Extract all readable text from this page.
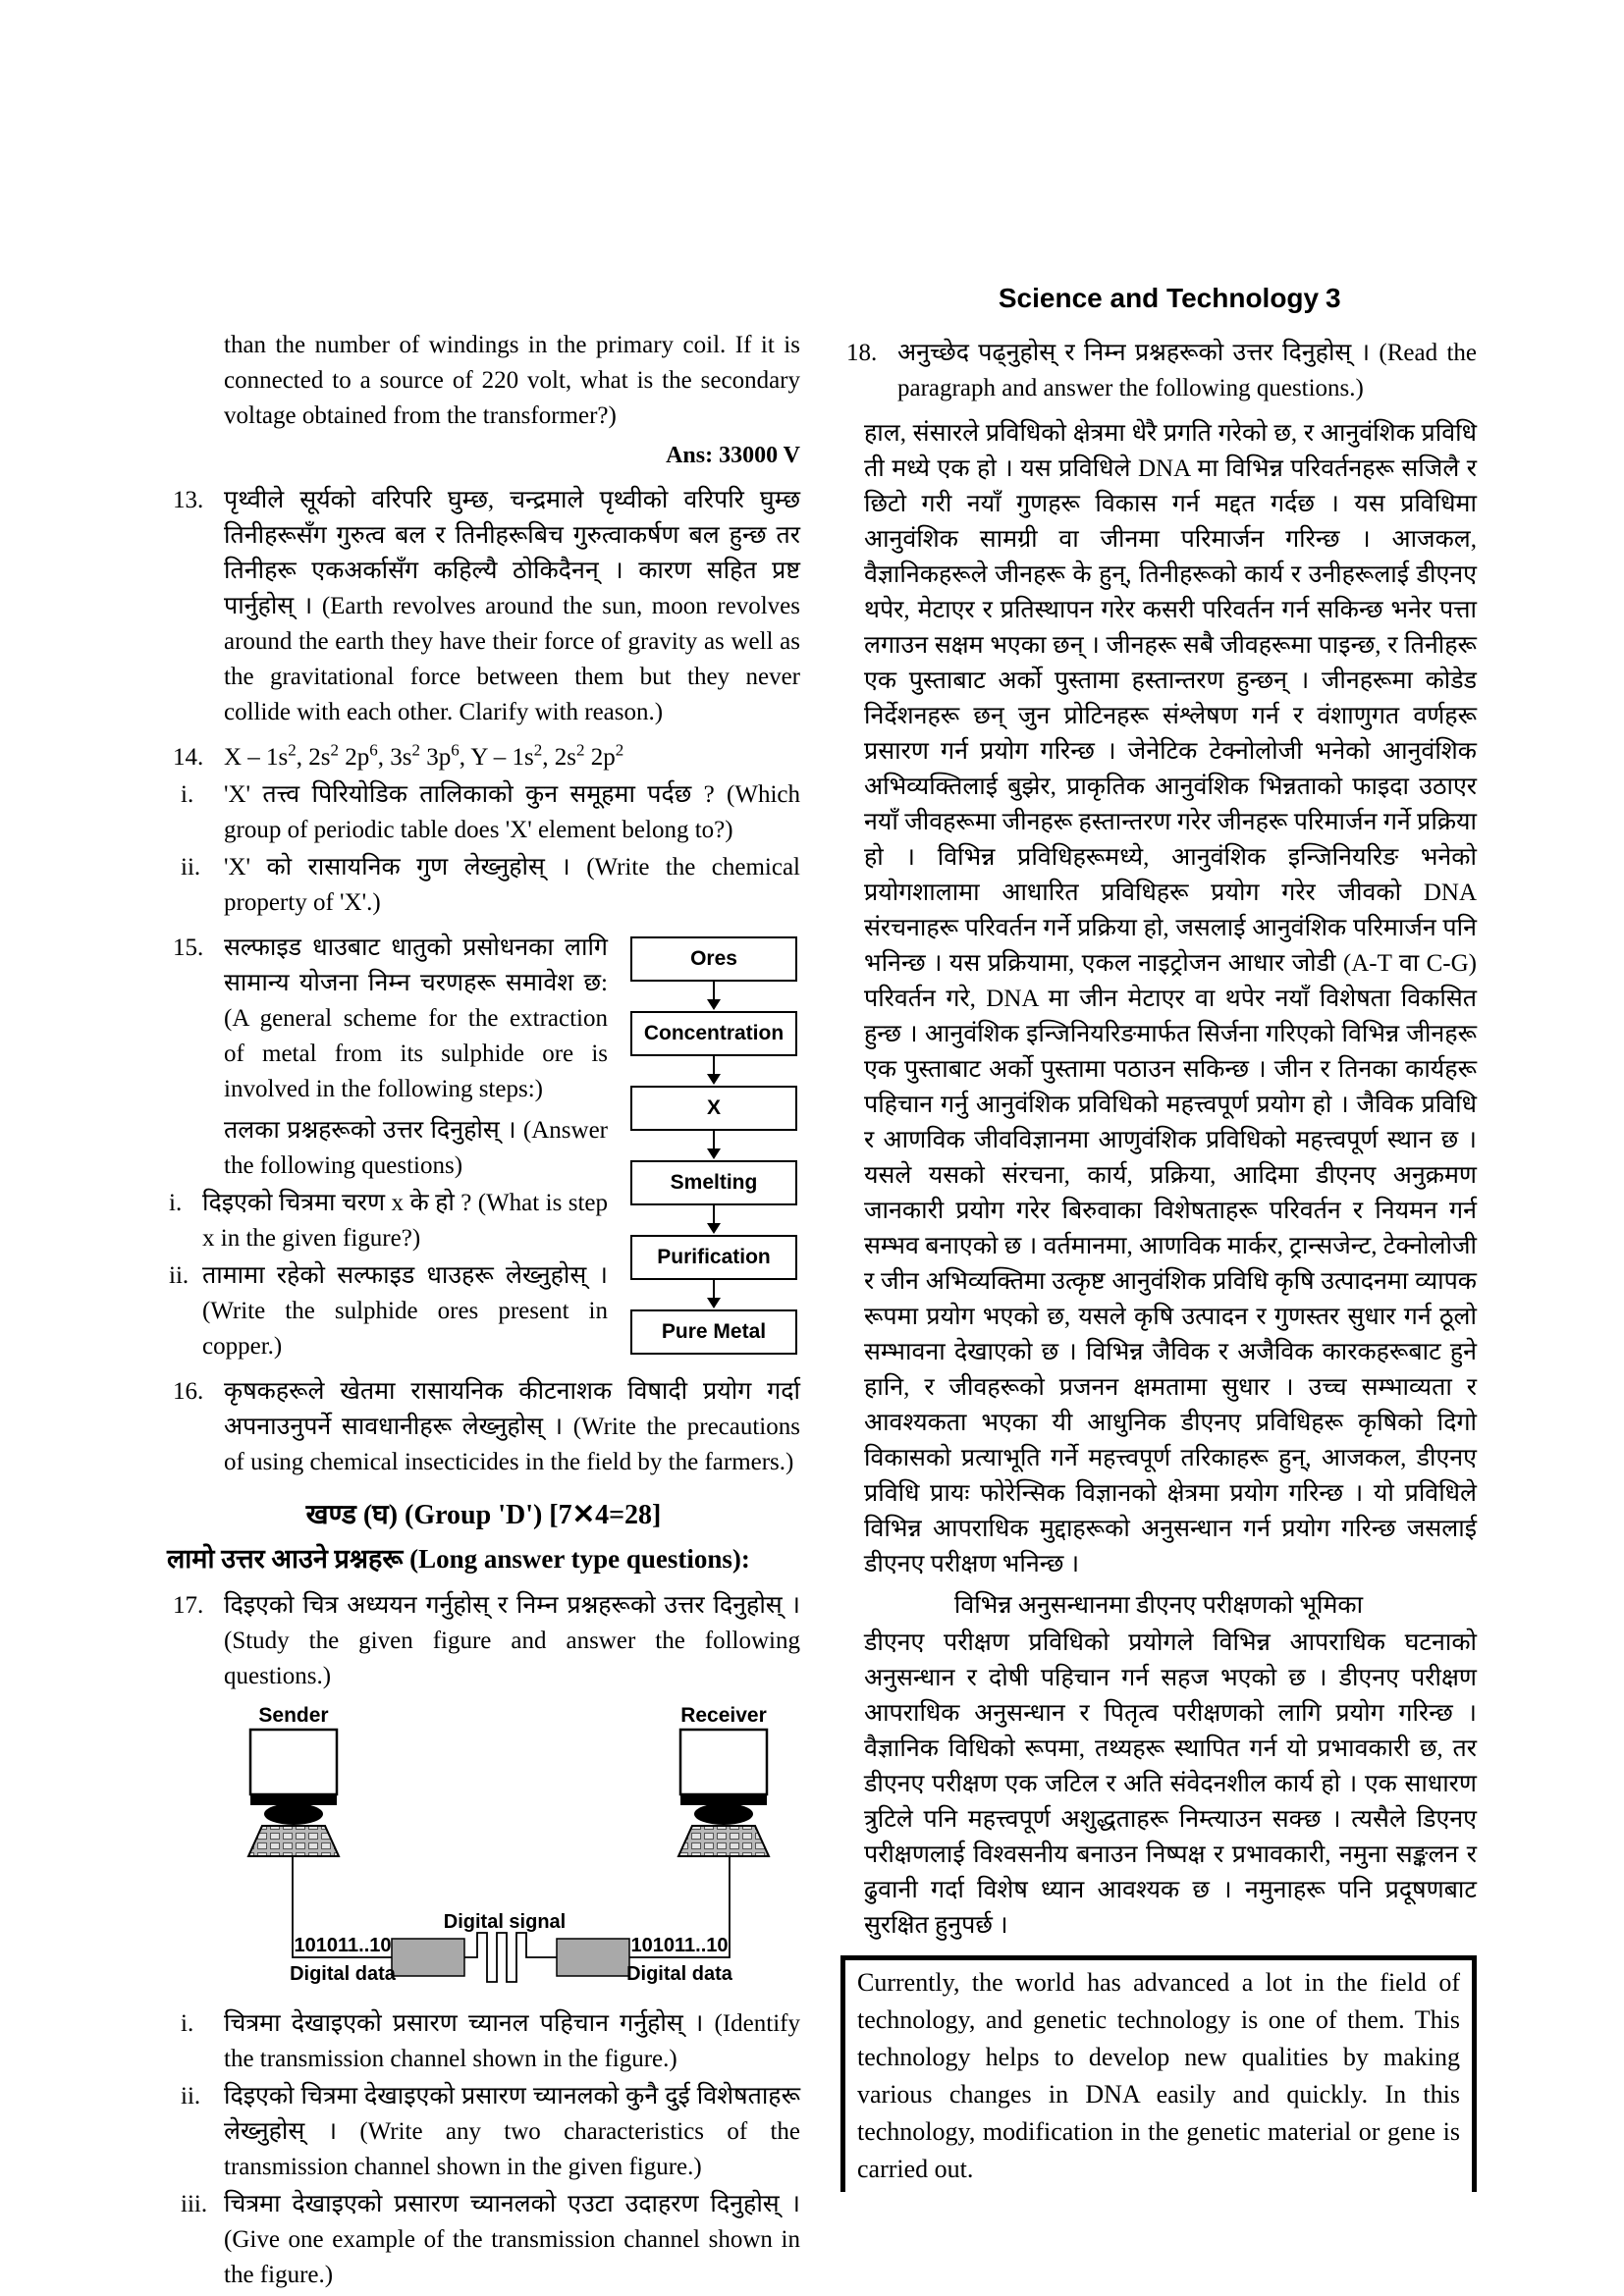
Science and Technology 3
than the number of windings in the primary coil. If it is connected to a source of 220 volt, what is the secondary voltage obtained from the transformer?)
Ans: 33000 V
13. पृथ्वीले सूर्यको वरिपरि घुम्छ, चन्द्रमाले पृथ्वीको वरिपरि घुम्छ तिनीहरूसँग गुरुत्व बल र तिनीहरूबिच गुरुत्वाकर्षण बल हुन्छ तर तिनीहरू एकअर्कासँग कहिल्यै ठोकिदैनन् । कारण सहित प्रष्ट पार्नुहोस् । (Earth revolves around the sun, moon revolves around the earth they have their force of gravity as well as the gravitational force between them but they never collide with each other. Clarify with reason.)
14. X – $1s^2$, $2s^2$ $2p^6$, $3s^2$ $3p^6$, Y – $1s^2$, $2s^2$ $2p^2$
i. 'X' तत्त्व पिरियोडिक तालिकाको कुन समूहमा पर्दछ ? (Which group of periodic table does 'X' element belong to?)
ii. 'X' को रासायनिक गुण लेख्नुहोस् । (Write the chemical property of 'X'.)
Ores
Concentration
X
Smelting
Purification
Pure Metal
15. सल्फाइड धाउबाट धातुको प्रसोधनका लागि सामान्य योजना निम्न चरणहरू समावेश छ: (A general scheme for the extraction of metal from its sulphide ore is involved in the following steps:)
तलका प्रश्नहरूको उत्तर दिनुहोस् । (Answer the following questions)
i. दिइएको चित्रमा चरण x के हो ? (What is step x in the given figure?)
ii. तामामा रहेको सल्फाइड धाउहरू लेख्नुहोस् । (Write the sulphide ores present in copper.)
16. कृषकहरूले खेतमा रासायनिक कीटनाशक विषादी प्रयोग गर्दा अपनाउनुपर्ने सावधानीहरू लेख्नुहोस् । (Write the precautions of using chemical insecticides in the field by the farmers.)
खण्ड (घ) (Group 'D') [7✕4=28]
लामो उत्तर आउने प्रश्नहरू (Long answer type questions):
17. दिइएको चित्र अध्ययन गर्नुहोस् र निम्न प्रश्नहरूको उत्तर दिनुहोस् । (Study the given figure and answer the following questions.)
Sender	Receiver
Digital signal
101011..10
Digital data
101011..10
Digital data
i. चित्रमा देखाइएको प्रसारण च्यानल पहिचान गर्नुहोस् । (Identify the transmission channel shown in the figure.)
ii. दिइएको चित्रमा देखाइएको प्रसारण च्यानलको कुनै दुई विशेषताहरू लेख्नुहोस् । (Write any two characteristics of the transmission channel shown in the given figure.)
iii. चित्रमा देखाइएको प्रसारण च्यानलको एउटा उदाहरण दिनुहोस् । (Give one example of the transmission channel shown in the figure.)
18. अनुच्छेद पढ्नुहोस् र निम्न प्रश्नहरूको उत्तर दिनुहोस् । (Read the paragraph and answer the following questions.)
हाल, संसारले प्रविधिको क्षेत्रमा धेरै प्रगति गरेको छ, र आनुवंशिक प्रविधि ती मध्ये एक हो । यस प्रविधिले DNA मा विभिन्न परिवर्तनहरू सजिलै र छिटो गरी नयाँ गुणहरू विकास गर्न मद्दत गर्दछ । यस प्रविधिमा आनुवंशिक सामग्री वा जीनमा परिमार्जन गरिन्छ । आजकल, वैज्ञानिकहरूले जीनहरू के हुन्, तिनीहरूको कार्य र उनीहरूलाई डीएनए थपेर, मेटाएर र प्रतिस्थापन गरेर कसरी परिवर्तन गर्न सकिन्छ भनेर पत्ता लगाउन सक्षम भएका छन् । जीनहरू सबै जीवहरूमा पाइन्छ, र तिनीहरू एक पुस्ताबाट अर्को पुस्तामा हस्तान्तरण हुन्छन् । जीनहरूमा कोडेड निर्देशनहरू छन् जुन प्रोटिनहरू संश्लेषण गर्न र वंशाणुगत वर्णहरू प्रसारण गर्न प्रयोग गरिन्छ । जेनेटिक टेक्नोलोजी भनेको आनुवंशिक अभिव्यक्तिलाई बुझेर, प्राकृतिक आनुवंशिक भिन्नताको फाइदा उठाएर नयाँ जीवहरूमा जीनहरू हस्तान्तरण गरेर जीनहरू परिमार्जन गर्ने प्रक्रिया हो । विभिन्न प्रविधिहरूमध्ये, आनुवंशिक इन्जिनियरिङ भनेको प्रयोगशालामा आधारित प्रविधिहरू प्रयोग गरेर जीवको DNA संरचनाहरू परिवर्तन गर्ने प्रक्रिया हो, जसलाई आनुवंशिक परिमार्जन पनि भनिन्छ । यस प्रक्रियामा, एकल नाइट्रोजन आधार जोडी (A-T वा C-G) परिवर्तन गरे, DNA मा जीन मेटाएर वा थपेर नयाँ विशेषता विकसित हुन्छ । आनुवंशिक इन्जिनियरिङमार्फत सिर्जना गरिएको विभिन्न जीनहरू एक पुस्ताबाट अर्को पुस्तामा पठाउन सकिन्छ । जीन र तिनका कार्यहरू पहिचान गर्नु आनुवंशिक प्रविधिको महत्त्वपूर्ण प्रयोग हो । जैविक प्रविधि र आणविक जीवविज्ञानमा आणुवंशिक प्रविधिको महत्त्वपूर्ण स्थान छ । यसले यसको संरचना, कार्य, प्रक्रिया, आदिमा डीएनए अनुक्रमण जानकारी प्रयोग गरेर बिरुवाका विशेषताहरू परिवर्तन र नियमन गर्न सम्भव बनाएको छ । वर्तमानमा, आणविक मार्कर, ट्रान्सजेन्ट, टेक्नोलोजी र जीन अभिव्यक्तिमा उत्कृष्ट आनुवंशिक प्रविधि कृषि उत्पादनमा व्यापक रूपमा प्रयोग भएको छ, यसले कृषि उत्पादन र गुणस्तर सुधार गर्न ठूलो सम्भावना देखाएको छ । विभिन्न जैविक र अजैविक कारकहरूबाट हुने हानि, र जीवहरूको प्रजनन क्षमतामा सुधार । उच्च सम्भाव्यता र आवश्यकता भएका यी आधुनिक डीएनए प्रविधिहरू कृषिको दिगो विकासको प्रत्याभूति गर्ने महत्त्वपूर्ण तरिकाहरू हुन्, आजकल, डीएनए प्रविधि प्रायः फोरेन्सिक विज्ञानको क्षेत्रमा प्रयोग गरिन्छ । यो प्रविधिले विभिन्न आपराधिक मुद्दाहरूको अनुसन्धान गर्न प्रयोग गरिन्छ जसलाई डीएनए परीक्षण भनिन्छ ।
विभिन्न अनुसन्धानमा डीएनए परीक्षणको भूमिका
डीएनए परीक्षण प्रविधिको प्रयोगले विभिन्न आपराधिक घटनाको अनुसन्धान र दोषी पहिचान गर्न सहज भएको छ । डीएनए परीक्षण आपराधिक अनुसन्धान र पितृत्व परीक्षणको लागि प्रयोग गरिन्छ । वैज्ञानिक विधिको रूपमा, तथ्यहरू स्थापित गर्न यो प्रभावकारी छ, तर डीएनए परीक्षण एक जटिल र अति संवेदनशील कार्य हो । एक साधारण त्रुटिले पनि महत्त्वपूर्ण अशुद्धताहरू निम्त्याउन सक्छ । त्यसैले डिएनए परीक्षणलाई विश्वसनीय बनाउन निष्पक्ष र प्रभावकारी, नमुना सङ्कलन र ढुवानी गर्दा विशेष ध्यान आवश्यक छ । नमुनाहरू पनि प्रदूषणबाट सुरक्षित हुनुपर्छ ।
Currently, the world has advanced a lot in the field of technology, and genetic technology is one of them. This technology helps to develop new qualities by making various changes in DNA easily and quickly. In this technology, modification in the genetic material or gene is carried out.
